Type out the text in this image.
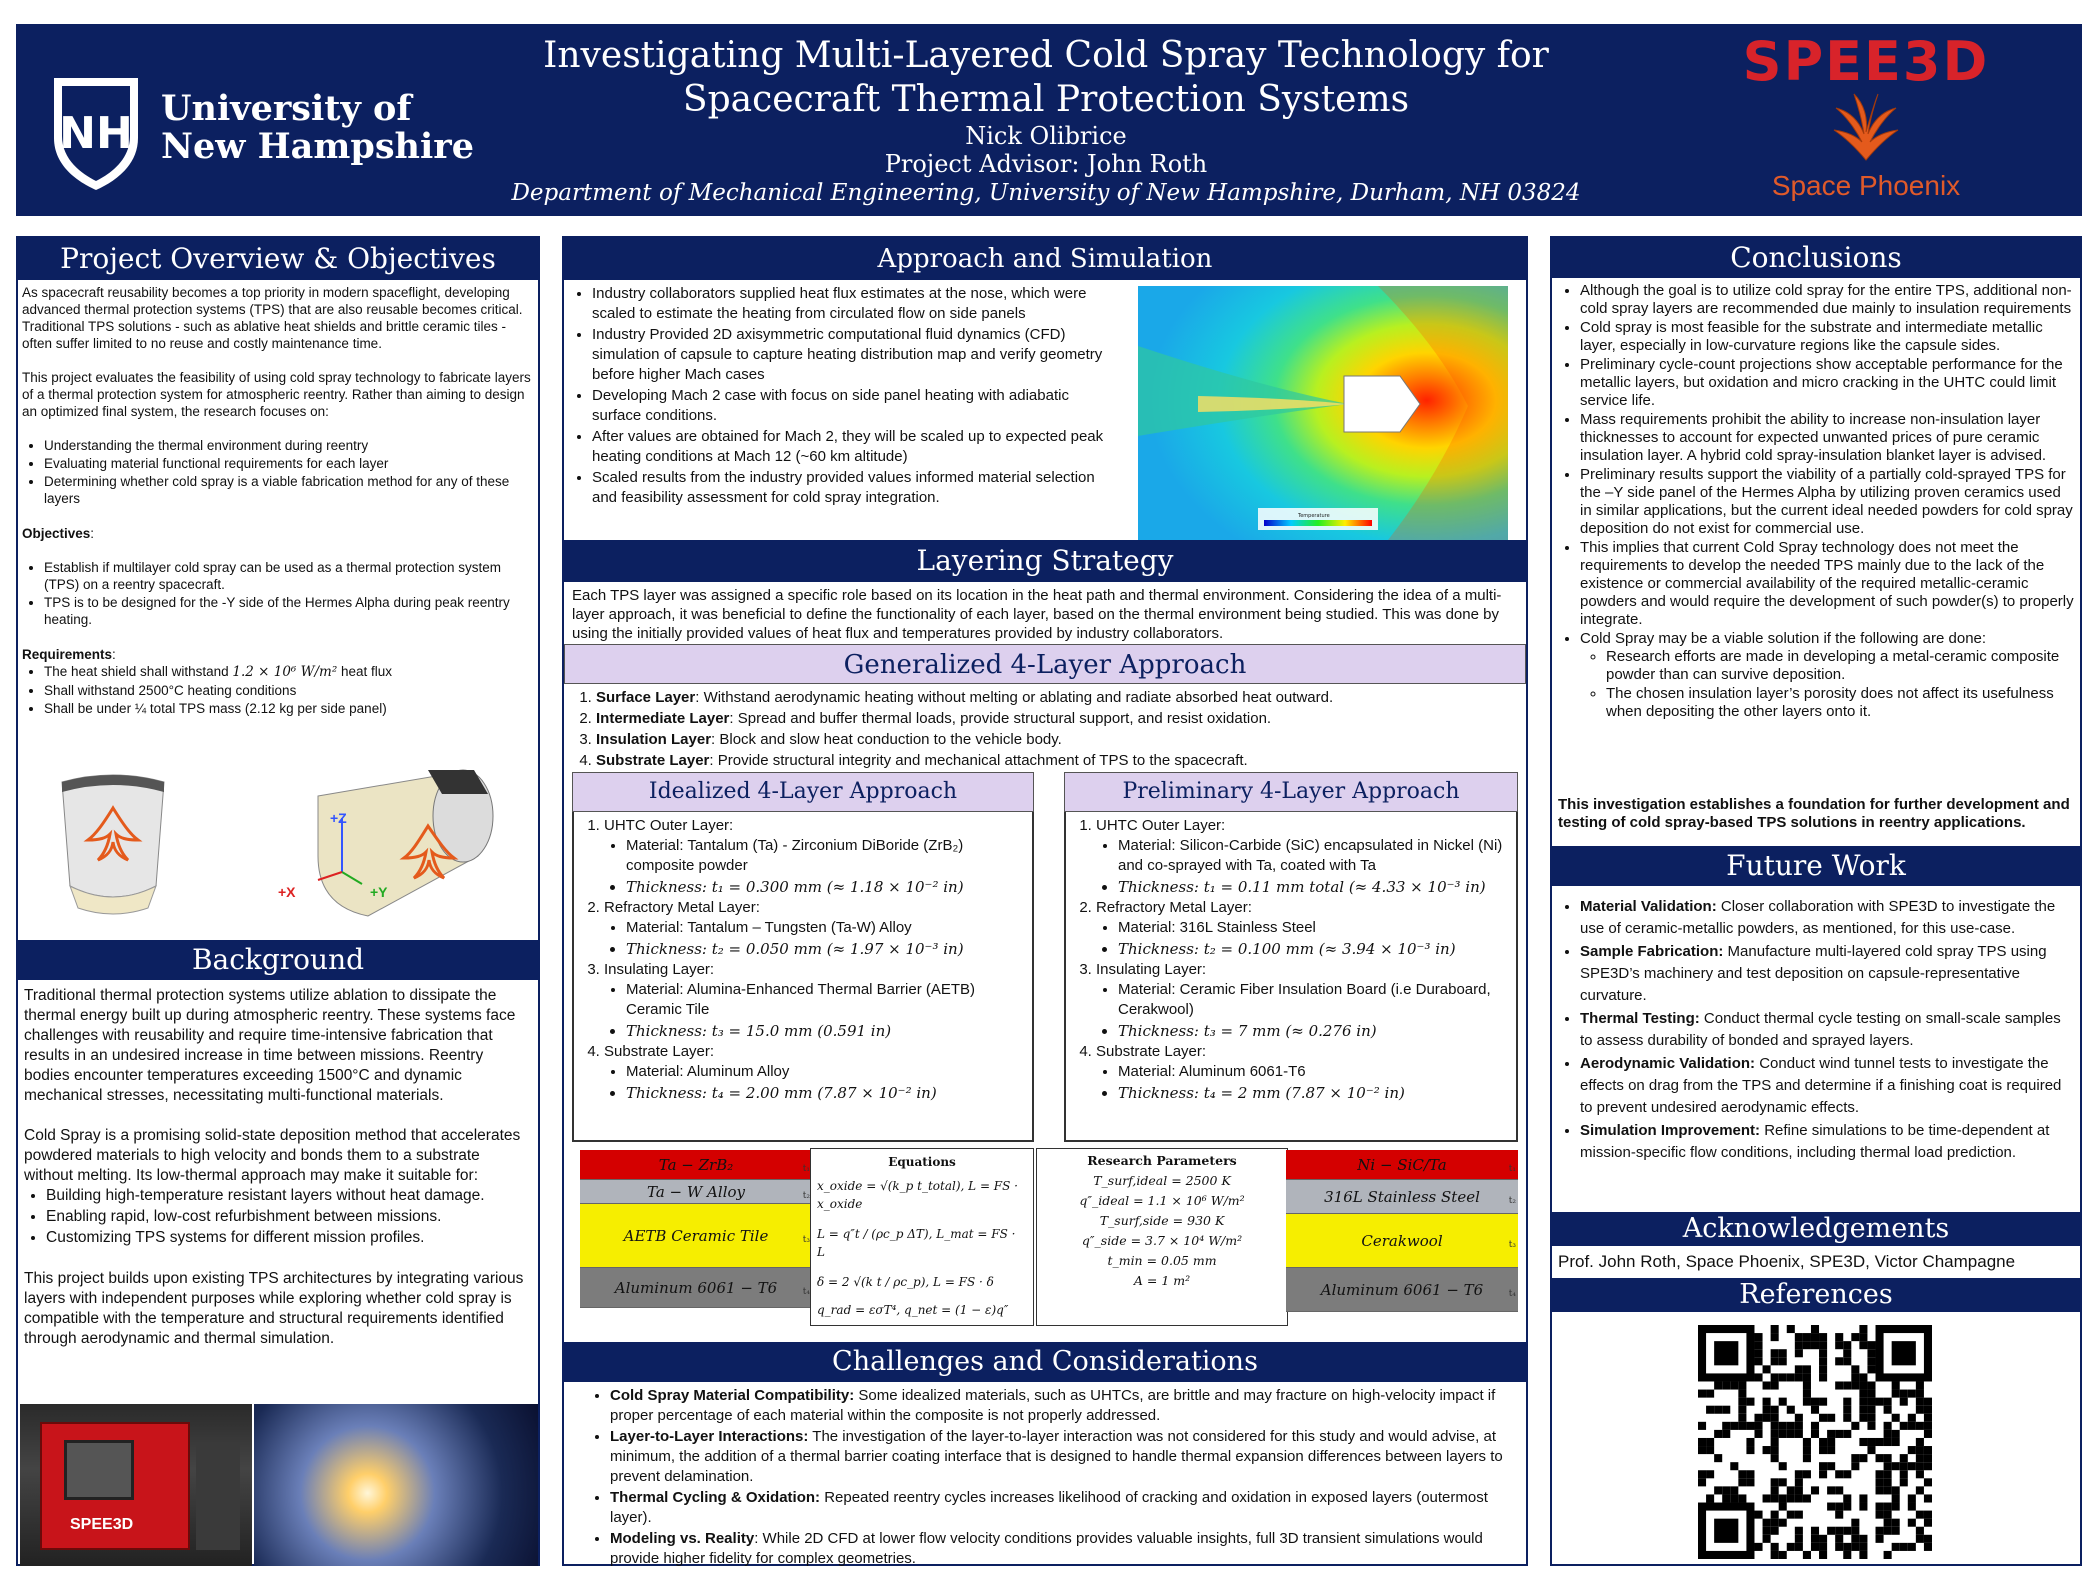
NH University of
New Hampshire
Investigating Multi-Layered Cold Spray Technology for
Spacecraft Thermal Protection Systems
Nick Olibrice
Project Advisor: John Roth
Department of Mechanical Engineering, University of New Hampshire, Durham, NH 03824
SPEE3D
Space Phoenix
Project Overview & Objectives

As spacecraft reusability becomes a top priority in modern spaceflight, developing advanced thermal protection systems (TPS) that are also reusable becomes critical. Traditional TPS solutions - such as ablative heat shields and brittle ceramic tiles - often suffer limited to no reuse and costly maintenance time.

This project evaluates the feasibility of using cold spray technology to fabricate layers of a thermal protection system for atmospheric reentry. Rather than aiming to design an optimized final system, the research focuses on:

• Understanding the thermal environment during reentry
• Evaluating material functional requirements for each layer
• Determining whether cold spray is a viable fabrication method for any of these layers

Objectives:

• Establish if multilayer cold spray can be used as a thermal protection system (TPS) on a reentry spacecraft.
• TPS is to be designed for the -Y side of the Hermes Alpha during peak reentry heating.

Requirements:

• The heat shield shall withstand 1.2 × 10⁶ W/m² heat flux
• Shall withstand 2500°C heating conditions
• Shall be under ¼ total TPS mass (2.12 kg per side panel)
+Z
+X	+Y
Background

Traditional thermal protection systems utilize ablation to dissipate the thermal energy built up during atmospheric reentry. These systems face challenges with reusability and require time-intensive fabrication that results in an undesired increase in time between missions. Reentry bodies encounter temperatures exceeding 1500°C and dynamic mechanical stresses, necessitating multi-functional materials.

Cold Spray is a promising solid-state deposition method that accelerates powdered materials to high velocity and bonds them to a substrate without melting. Its low-thermal approach may make it suitable for:

• Building high-temperature resistant layers without heat damage.
• Enabling rapid, low-cost refurbishment between missions.
• Customizing TPS systems for different mission profiles.

This project builds upon existing TPS architectures by integrating various layers with independent purposes while exploring whether cold spray is compatible with the temperature and structural requirements identified through aerodynamic and thermal simulation.

SPEE3D
Approach and Simulation
• Industry collaborators supplied heat flux estimates at the nose, which were scaled to estimate the heating from circulated flow on side panels
• Industry Provided 2D axisymmetric computational fluid dynamics (CFD) simulation of capsule to capture heating distribution map and verify geometry before higher Mach cases
• Developing Mach 2 case with focus on side panel heating with adiabatic surface conditions.
• After values are obtained for Mach 2, they will be scaled up to expected peak heating conditions at Mach 12 (~60 km altitude)
• Scaled results from the industry provided values informed material selection and feasibility assessment for cold spray integration.
Temperature
Layering Strategy
Each TPS layer was assigned a specific role based on its location in the heat path and thermal environment. Considering the idea of a multi-layer approach, it was beneficial to define the functionality of each layer, based on the thermal environment being studied. This was done by using the initially provided values of heat flux and temperatures provided by industry collaborators.
Generalized 4-Layer Approach
1. Surface Layer: Withstand aerodynamic heating without melting or ablating and radiate absorbed heat outward.
2. Intermediate Layer: Spread and buffer thermal loads, provide structural support, and resist oxidation.
3. Insulation Layer: Block and slow heat conduction to the vehicle body.
4. Substrate Layer: Provide structural integrity and mechanical attachment of TPS to the spacecraft.
Idealized 4-Layer Approach
1. UHTC Outer Layer:
• Material: Tantalum (Ta) - Zirconium DiBoride (ZrB₂) composite powder
• Thickness: t₁ = 0.300 mm (≈ 1.18 × 10⁻² in)
2. Refractory Metal Layer:
• Material: Tantalum – Tungsten (Ta-W) Alloy
• Thickness: t₂ = 0.050 mm (≈ 1.97 × 10⁻³ in)
3. Insulating Layer:
• Material: Alumina-Enhanced Thermal Barrier (AETB) Ceramic Tile
• Thickness: t₃ = 15.0 mm (0.591 in)
4. Substrate Layer:
• Material: Aluminum Alloy
• Thickness: t₄ = 2.00 mm (7.87 × 10⁻² in)
Preliminary 4-Layer Approach
1. UHTC Outer Layer:
• Material: Silicon-Carbide (SiC) encapsulated in Nickel (Ni) and co-sprayed with Ta, coated with Ta
• Thickness: t₁ = 0.11 mm total (≈ 4.33 × 10⁻³ in)
2. Refractory Metal Layer:
• Material: 316L Stainless Steel
• Thickness: t₂ = 0.100 mm (≈ 3.94 × 10⁻³ in)
3. Insulating Layer:
• Material: Ceramic Fiber Insulation Board (i.e Duraboard, Cerakwool)
• Thickness: t₃ = 7 mm (≈ 0.276 in)
4. Substrate Layer:
• Material: Aluminum 6061-T6
• Thickness: t₄ = 2 mm (7.87 × 10⁻² in)
Ta − ZrB₂	t₁
Ta − W Alloy	t₂
AETB Ceramic Tile	t₃
Aluminum 6061 − T6	t₄
Equations
x_oxide = √(k_p t_total), L = FS · x_oxide
L = q″t / (ρc_p ΔT), L_mat = FS · L
δ = 2 √(k t / ρc_p), L = FS · δ
q_rad = εσT⁴, q_net = (1 − ε)q″
Research Parameters
T_surf,ideal = 2500 K
q″_ideal = 1.1 × 10⁶ W/m²
T_surf,side = 930 K
q″_side = 3.7 × 10⁴ W/m²
t_min = 0.05 mm
A = 1 m²
Ni − SiC/Ta	t₁
316L Stainless Steel	t₂
Cerakwool	t₃
Aluminum 6061 − T6	t₄
Challenges and Considerations
• Cold Spray Material Compatibility: Some idealized materials, such as UHTCs, are brittle and may fracture on high-velocity impact if proper percentage of each material within the composite is not properly addressed.
• Layer-to-Layer Interactions: The investigation of the layer-to-layer interaction was not considered for this study and would advise, at minimum, the addition of a thermal barrier coating interface that is designed to handle thermal expansion differences between layers to prevent delamination.
• Thermal Cycling & Oxidation: Repeated reentry cycles increases likelihood of cracking and oxidation in exposed layers (outermost layer).
• Modeling vs. Reality: While 2D CFD at lower flow velocity conditions provides valuable insights, full 3D transient simulations would provide higher fidelity for complex geometries.
Conclusions
• Although the goal is to utilize cold spray for the entire TPS, additional non-cold spray layers are recommended due mainly to insulation requirements
• Cold spray is most feasible for the substrate and intermediate metallic layer, especially in low-curvature regions like the capsule sides.
• Preliminary cycle-count projections show acceptable performance for the metallic layers, but oxidation and micro cracking in the UHTC could limit service life.
• Mass requirements prohibit the ability to increase non-insulation layer thicknesses to account for expected unwanted prices of pure ceramic insulation layer. A hybrid cold spray-insulation blanket layer is advised.
• Preliminary results support the viability of a partially cold-sprayed TPS for the –Y side panel of the Hermes Alpha by utilizing proven ceramics used in similar applications, but the current ideal needed powders for cold spray deposition do not exist for commercial use.
• This implies that current Cold Spray technology does not meet the requirements to develop the needed TPS mainly due to the lack of the existence or commercial availability of the required metallic-ceramic powders and would require the development of such powder(s) to properly integrate.
• Cold Spray may be a viable solution if the following are done:
◦ Research efforts are made in developing a metal-ceramic composite powder than can survive deposition.
◦ The chosen insulation layer’s porosity does not affect its usefulness when depositing the other layers onto it.
This investigation establishes a foundation for further development and testing of cold spray-based TPS solutions in reentry applications.
Future Work
• Material Validation: Closer collaboration with SPE3D to investigate the use of ceramic-metallic powders, as mentioned, for this use-case.
• Sample Fabrication: Manufacture multi-layered cold spray TPS using SPE3D’s machinery and test deposition on capsule-representative curvature.
• Thermal Testing: Conduct thermal cycle testing on small-scale samples to assess durability of bonded and sprayed layers.
• Aerodynamic Validation: Conduct wind tunnel tests to investigate the effects on drag from the TPS and determine if a finishing coat is required to prevent undesired aerodynamic effects.
• Simulation Improvement: Refine simulations to be time-dependent at mission-specific flow conditions, including thermal load prediction.
Acknowledgements
Prof. John Roth, Space Phoenix, SPE3D, Victor Champagne
References
